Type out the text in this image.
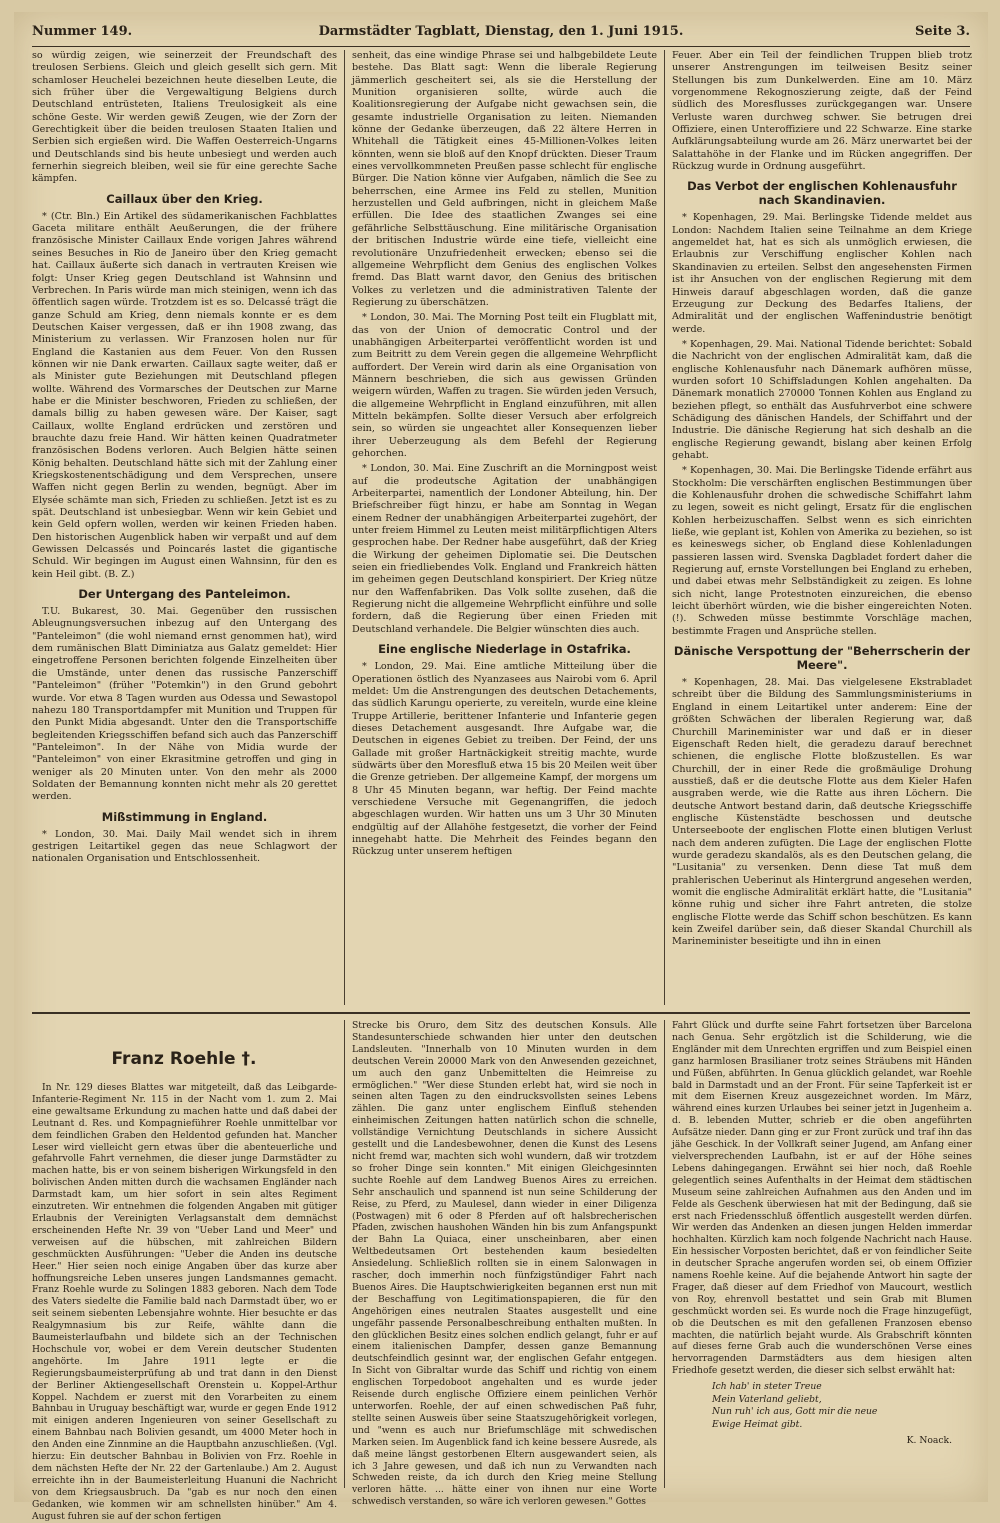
Nummer 149.	Darmstädter Tagblatt, Dienstag, den 1. Juni 1915.	Seite 3.

so würdig zeigen, wie seinerzeit der Freundschaft des treulosen Serbiens. Gleich und gleich gesellt sich gern. Mit schamloser Heuchelei bezeichnen heute dieselben Leute, die sich früher über die Vergewaltigung Belgiens durch Deutschland entrüsteten, Italiens Treulosigkeit als eine schöne Geste. Wir werden gewiß Zeugen, wie der Zorn der Gerechtigkeit über die beiden treulosen Staaten Italien und Serbien sich ergießen wird. Die Waffen Oesterreich-Ungarns und Deutschlands sind bis heute unbesiegt und werden auch fernerhin siegreich bleiben, weil sie für eine gerechte Sache kämpfen.

Caillaux über den Krieg.

* (Ctr. Bln.) Ein Artikel des südamerikanischen Fachblattes Gaceta militare enthält Aeußerungen, die der frühere französische Minister Caillaux Ende vorigen Jahres während seines Besuches in Rio de Janeiro über den Krieg gemacht hat. Caillaux äußerte sich danach in vertrauten Kreisen wie folgt: Unser Krieg gegen Deutschland ist Wahnsinn und Verbrechen. In Paris würde man mich steinigen, wenn ich das öffentlich sagen würde. Trotzdem ist es so. Delcassé trägt die ganze Schuld am Krieg, denn niemals konnte er es dem Deutschen Kaiser vergessen, daß er ihn 1908 zwang, das Ministerium zu verlassen. Wir Franzosen holen nur für England die Kastanien aus dem Feuer. Von den Russen können wir nie Dank erwarten. Caillaux sagte weiter, daß er als Minister gute Beziehungen mit Deutschland pflegen wollte. Während des Vormarsches der Deutschen zur Marne habe er die Minister beschworen, Frieden zu schließen, der damals billig zu haben gewesen wäre. Der Kaiser, sagt Caillaux, wollte England erdrücken und zerstören und brauchte dazu freie Hand. Wir hätten keinen Quadratmeter französischen Bodens verloren. Auch Belgien hätte seinen König behalten. Deutschland hätte sich mit der Zahlung einer Kriegskostenentschädigung und dem Versprechen, unsere Waffen nicht gegen Berlin zu wenden, begnügt. Aber im Elysée schämte man sich, Frieden zu schließen. Jetzt ist es zu spät. Deutschland ist unbesiegbar. Wenn wir kein Gebiet und kein Geld opfern wollen, werden wir keinen Frieden haben. Den historischen Augenblick haben wir verpaßt und auf dem Gewissen Delcassés und Poincarés lastet die gigantische Schuld. Wir begingen im August einen Wahnsinn, für den es kein Heil gibt. (B. Z.)

Der Untergang des Panteleimon.

T.U. Bukarest, 30. Mai. Gegenüber den russischen Ableugnungsversuchen inbezug auf den Untergang des "Panteleimon" (die wohl niemand ernst genommen hat), wird dem rumänischen Blatt Diminiatza aus Galatz gemeldet: Hier eingetroffene Personen berichten folgende Einzelheiten über die Umstände, unter denen das russische Panzerschiff "Panteleimon" (früher "Potemkin") in den Grund gebohrt wurde. Vor etwa 8 Tagen wurden aus Odessa und Sewastopol nahezu 180 Transportdampfer mit Munition und Truppen für den Punkt Midia abgesandt. Unter den die Transportschiffe begleitenden Kriegsschiffen befand sich auch das Panzerschiff "Panteleimon". In der Nähe von Midia wurde der "Panteleimon" von einer Ekrasitmine getroffen und ging in weniger als 20 Minuten unter. Von den mehr als 2000 Soldaten der Bemannung konnten nicht mehr als 20 gerettet werden.

Mißstimmung in England.

* London, 30. Mai. Daily Mail wendet sich in ihrem gestrigen Leitartikel gegen das neue Schlagwort der nationalen Organisation und Entschlossenheit.

senheit, das eine windige Phrase sei und halbgebildete Leute bestehe. Das Blatt sagt: Wenn die liberale Regierung jämmerlich gescheitert sei, als sie die Herstellung der Munition organisieren sollte, würde auch die Koalitionsregierung der Aufgabe nicht gewachsen sein, die gesamte industrielle Organisation zu leiten. Niemanden könne der Gedanke überzeugen, daß 22 ältere Herren in Whitehall die Tätigkeit eines 45-Millionen-Volkes leiten könnten, wenn sie bloß auf den Knopf drückten. Dieser Traum eines vervollkommneten Preußen passe schlecht für englische Bürger. Die Nation könne vier Aufgaben, nämlich die See zu beherrschen, eine Armee ins Feld zu stellen, Munition herzustellen und Geld aufbringen, nicht in gleichem Maße erfüllen. Die Idee des staatlichen Zwanges sei eine gefährliche Selbsttäuschung. Eine militärische Organisation der britischen Industrie würde eine tiefe, vielleicht eine revolutionäre Unzufriedenheit erwecken; ebenso sei die allgemeine Wehrpflicht dem Genius des englischen Volkes fremd. Das Blatt warnt davor, den Genius des britischen Volkes zu verletzen und die administrativen Talente der Regierung zu überschätzen.

* London, 30. Mai. The Morning Post teilt ein Flugblatt mit, das von der Union of democratic Control und der unabhängigen Arbeiterpartei veröffentlicht worden ist und zum Beitritt zu dem Verein gegen die allgemeine Wehrpflicht auffordert. Der Verein wird darin als eine Organisation von Männern beschrieben, die sich aus gewissen Gründen weigern würden, Waffen zu tragen. Sie würden jeden Versuch, die allgemeine Wehrpflicht in England einzuführen, mit allen Mitteln bekämpfen. Sollte dieser Versuch aber erfolgreich sein, so würden sie ungeachtet aller Konsequenzen lieber ihrer Ueberzeugung als dem Befehl der Regierung gehorchen.

* London, 30. Mai. Eine Zuschrift an die Morningpost weist auf die prodeutsche Agitation der unabhängigen Arbeiterpartei, namentlich der Londoner Abteilung, hin. Der Briefschreiber fügt hinzu, er habe am Sonntag in Wegan einem Redner der unabhängigen Arbeiterpartei zugehört, der unter freiem Himmel zu Leuten meist militärpflichtigen Alters gesprochen habe. Der Redner habe ausgeführt, daß der Krieg die Wirkung der geheimen Diplomatie sei. Die Deutschen seien ein friedliebendes Volk. England und Frankreich hätten im geheimen gegen Deutschland konspiriert. Der Krieg nütze nur den Waffenfabriken. Das Volk sollte zusehen, daß die Regierung nicht die allgemeine Wehrpflicht einführe und solle fordern, daß die Regierung über einen Frieden mit Deutschland verhandele. Die Belgier wünschten dies auch.

Eine englische Niederlage in Ostafrika.

* London, 29. Mai. Eine amtliche Mitteilung über die Operationen östlich des Nyanzasees aus Nairobi vom 6. April meldet: Um die Anstrengungen des deutschen Detachements, das südlich Karungu operierte, zu vereiteln, wurde eine kleine Truppe Artillerie, berittener Infanterie und Infanterie gegen dieses Detachement ausgesandt. Ihre Aufgabe war, die Deutschen in eigenes Gebiet zu treiben. Der Feind, der uns Gallade mit großer Hartnäckigkeit streitig machte, wurde südwärts über den Moresfluß etwa 15 bis 20 Meilen weit über die Grenze getrieben. Der allgemeine Kampf, der morgens um 8 Uhr 45 Minuten begann, war heftig. Der Feind machte verschiedene Versuche mit Gegenangriffen, die jedoch abgeschlagen wurden. Wir hatten uns um 3 Uhr 30 Minuten endgültig auf der Allahöhe festgesetzt, die vorher der Feind innegehabt hatte. Die Mehrheit des Feindes begann den Rückzug unter unserem heftigen

Feuer. Aber ein Teil der feindlichen Truppen blieb trotz unserer Anstrengungen im teilweisen Besitz seiner Stellungen bis zum Dunkelwerden. Eine am 10. März vorgenommene Rekognoszierung zeigte, daß der Feind südlich des Moresflusses zurückgegangen war. Unsere Verluste waren durchweg schwer. Sie betrugen drei Offiziere, einen Unteroffiziere und 22 Schwarze. Eine starke Aufklärungsabteilung wurde am 26. März unerwartet bei der Salattahöhe in der Flanke und im Rücken angegriffen. Der Rückzug wurde in Ordnung ausgeführt.

Das Verbot der englischen Kohlenausfuhr nach Skandinavien.

* Kopenhagen, 29. Mai. Berlingske Tidende meldet aus London: Nachdem Italien seine Teilnahme an dem Kriege angemeldet hat, hat es sich als unmöglich erwiesen, die Erlaubnis zur Verschiffung englischer Kohlen nach Skandinavien zu erteilen. Selbst den angesehensten Firmen ist ihr Ansuchen von der englischen Regierung mit dem Hinweis darauf abgeschlagen worden, daß die ganze Erzeugung zur Deckung des Bedarfes Italiens, der Admiralität und der englischen Waffenindustrie benötigt werde.

* Kopenhagen, 29. Mai. National Tidende berichtet: Sobald die Nachricht von der englischen Admiralität kam, daß die englische Kohlenausfuhr nach Dänemark aufhören müsse, wurden sofort 10 Schiffsladungen Kohlen angehalten. Da Dänemark monatlich 270000 Tonnen Kohlen aus England zu beziehen pflegt, so enthält das Ausfuhrverbot eine schwere Schädigung des dänischen Handels, der Schiffahrt und der Industrie. Die dänische Regierung hat sich deshalb an die englische Regierung gewandt, bislang aber keinen Erfolg gehabt.

* Kopenhagen, 30. Mai. Die Berlingske Tidende erfährt aus Stockholm: Die verschärften englischen Bestimmungen über die Kohlenausfuhr drohen die schwedische Schiffahrt lahm zu legen, soweit es nicht gelingt, Ersatz für die englischen Kohlen herbeizuschaffen. Selbst wenn es sich einrichten ließe, wie geplant ist, Kohlen von Amerika zu beziehen, so ist es keineswegs sicher, ob England diese Kohlenladungen passieren lassen wird. Svenska Dagbladet fordert daher die Regierung auf, ernste Vorstellungen bei England zu erheben, und dabei etwas mehr Selbständigkeit zu zeigen. Es lohne sich nicht, lange Protestnoten einzureichen, die ebenso leicht überhört würden, wie die bisher eingereichten Noten. (!). Schweden müsse bestimmte Vorschläge machen, bestimmte Fragen und Ansprüche stellen.

Dänische Verspottung der "Beherrscherin der Meere".

* Kopenhagen, 28. Mai. Das vielgelesene Ekstrabladet schreibt über die Bildung des Sammlungsministeriums in England in einem Leitartikel unter anderem: Eine der größten Schwächen der liberalen Regierung war, daß Churchill Marineminister war und daß er in dieser Eigenschaft Reden hielt, die geradezu darauf berechnet schienen, die englische Flotte bloßzustellen. Es war Churchill, der in einer Rede die großmäulige Drohung ausstieß, daß er die deutsche Flotte aus dem Kieler Hafen ausgraben werde, wie die Ratte aus ihren Löchern. Die deutsche Antwort bestand darin, daß deutsche Kriegsschiffe englische Küstenstädte beschossen und deutsche Unterseeboote der englischen Flotte einen blutigen Verlust nach dem anderen zufügten. Die Lage der englischen Flotte wurde geradezu skandalös, als es den Deutschen gelang, die "Lusitania" zu versenken. Denn diese Tat muß dem prahlerischen Ueberinut als Hintergrund angesehen werden, womit die englische Admiralität erklärt hatte, die "Lusitania" könne ruhig und sicher ihre Fahrt antreten, die stolze englische Flotte werde das Schiff schon beschützen. Es kann kein Zweifel darüber sein, daß dieser Skandal Churchill als Marineminister beseitigte und ihn in einen

Franz Roehle †.

In Nr. 129 dieses Blattes war mitgeteilt, daß das Leibgarde-Infanterie-Regiment Nr. 115 in der Nacht vom 1. zum 2. Mai eine gewaltsame Erkundung zu machen hatte und daß dabei der Leutnant d. Res. und Kompagnieführer Roehle unmittelbar vor dem feindlichen Graben den Heldentod gefunden hat. Mancher Leser wird vielleicht gern etwas über die abenteuerliche und gefahrvolle Fahrt vernehmen, die dieser junge Darmstädter zu machen hatte, bis er von seinem bisherigen Wirkungsfeld in den bolivischen Anden mitten durch die wachsamen Engländer nach Darmstadt kam, um hier sofort in sein altes Regiment einzutreten. Wir entnehmen die folgenden Angaben mit gütiger Erlaubnis der Vereinigten Verlagsanstalt dem demnächst erscheinenden Hefte Nr. 39 von "Ueber Land und Meer" und verweisen auf die hübschen, mit zahlreichen Bildern geschmückten Ausführungen: "Ueber die Anden ins deutsche Heer." Hier seien noch einige Angaben über das kurze aber hoffnungsreiche Leben unseres jungen Landsmannes gemacht. Franz Roehle wurde zu Solingen 1883 geboren. Nach dem Tode des Vaters siedelte die Familie bald nach Darmstadt über, wo er seit seinem siebenten Lebensjahre wohnte. Hier besuchte er das Realgymnasium bis zur Reife, wählte dann die Baumeisterlaufbahn und bildete sich an der Technischen Hochschule vor, wobei er dem Verein deutscher Studenten angehörte. Im Jahre 1911 legte er die Regierungsbaumeisterprüfung ab und trat dann in den Dienst der Berliner Aktiengesellschaft Orenstein u. Koppel-Arthur Koppel. Nachdem er zuerst mit den Vorarbeiten zu einem Bahnbau in Uruguay beschäftigt war, wurde er gegen Ende 1912 mit einigen anderen Ingenieuren von seiner Gesellschaft zu einem Bahnbau nach Bolivien gesandt, um 4000 Meter hoch in den Anden eine Zinnmine an die Hauptbahn anzuschließen. (Vgl. hierzu: Ein deutscher Bahnbau in Bolivien von Frz. Roehle in dem nächsten Hefte der Nr. 22 der Gartenlaube.) Am 2. August erreichte ihn in der Baumeisterleitung Huanuni die Nachricht von dem Kriegsausbruch. Da "gab es nur noch den einen Gedanken, wie kommen wir am schnellsten hinüber." Am 4. August fuhren sie auf der schon fertigen

Strecke bis Oruro, dem Sitz des deutschen Konsuls. Alle Standesunterschiede schwanden hier unter den deutschen Landsleuten. "Innerhalb von 10 Minuten wurden in dem deutschen Verein 20000 Mark von den Anwesenden gezeichnet, um auch den ganz Unbemittelten die Heimreise zu ermöglichen." "Wer diese Stunden erlebt hat, wird sie noch in seinen alten Tagen zu den eindrucksvollsten seines Lebens zählen. Die ganz unter englischem Einfluß stehenden einheimischen Zeitungen hatten natürlich schon die schnelle, vollständige Vernichtung Deutschlands in sichere Aussicht gestellt und die Landesbewohner, denen die Kunst des Lesens nicht fremd war, machten sich wohl wundern, daß wir trotzdem so froher Dinge sein konnten." Mit einigen Gleichgesinnten suchte Roehle auf dem Landweg Buenos Aires zu erreichen. Sehr anschaulich und spannend ist nun seine Schilderung der Reise, zu Pferd, zu Maulesel, dann wieder in einer Diligenza (Postwagen) mit 6 oder 8 Pferden auf oft halsbrecherischen Pfaden, zwischen haushohen Wänden hin bis zum Anfangspunkt der Bahn La Quiaca, einer unscheinbaren, aber einen Weltbedeutsamen Ort bestehenden kaum besiedelten Ansiedelung. Schließlich rollten sie in einem Salonwagen in rascher, doch immerhin noch fünfzigstündiger Fahrt nach Buenos Aires. Die Hauptschwierigkeiten begannen erst nun mit der Beschaffung von Legitimationspapieren, die für den Angehörigen eines neutralen Staates ausgestellt und eine ungefähr passende Personalbeschreibung enthalten mußten. In den glücklichen Besitz eines solchen endlich gelangt, fuhr er auf einem italienischen Dampfer, dessen ganze Bemannung deutschfeindlich gesinnt war, der englischen Gefahr entgegen. In Sicht von Gibraltar wurde das Schiff und richtig von einem englischen Torpedoboot angehalten und es wurde jeder Reisende durch englische Offiziere einem peinlichen Verhör unterworfen. Roehle, der auf einen schwedischen Paß fuhr, stellte seinen Ausweis über seine Staatszugehörigkeit vorlegen, und "wenn es auch nur Briefumschläge mit schwedischen Marken seien. Im Augenblick fand ich keine bessere Ausrede, als daß meine längst gestorbenen Eltern ausgewandert seien, als ich 3 Jahre gewesen, und daß ich nun zu Verwandten nach Schweden reiste, da ich durch den Krieg meine Stellung verloren hätte. ... hätte einer von ihnen nur eine Worte schwedisch verstanden, so wäre ich verloren gewesen." Gottes

Fahrt Glück und durfte seine Fahrt fortsetzen über Barcelona nach Genua. Sehr ergötzlich ist die Schilderung, wie die Engländer mit dem Unrechten ergriffen und zum Beispiel einen ganz harmlosen Brasilianer trotz seines Sträubens mit Händen und Füßen, abführten. In Genua glücklich gelandet, war Roehle bald in Darmstadt und an der Front. Für seine Tapferkeit ist er mit dem Eisernen Kreuz ausgezeichnet worden. Im März, während eines kurzen Urlaubes bei seiner jetzt in Jugenheim a. d. B. lebenden Mutter, schrieb er die oben angeführten Aufsätze nieder. Dann ging er zur Front zurück und traf ihn das jähe Geschick. In der Vollkraft seiner Jugend, am Anfang einer vielversprechenden Laufbahn, ist er auf der Höhe seines Lebens dahingegangen. Erwähnt sei hier noch, daß Roehle gelegentlich seines Aufenthalts in der Heimat dem städtischen Museum seine zahlreichen Aufnahmen aus den Anden und im Felde als Geschenk überwiesen hat mit der Bedingung, daß sie erst nach Friedensschluß öffentlich ausgestellt werden dürfen. Wir werden das Andenken an diesen jungen Helden immerdar hochhalten. Kürzlich kam noch folgende Nachricht nach Hause. Ein hessischer Vorposten berichtet, daß er von feindlicher Seite in deutscher Sprache angerufen worden sei, ob einem Offizier namens Roehle keine. Auf die bejahende Antwort hin sagte der Frager, daß dieser auf dem Friedhof von Maucourt, westlich von Roy, ehrenvoll bestattet und sein Grab mit Blumen geschmückt worden sei. Es wurde noch die Frage hinzugefügt, ob die Deutschen es mit den gefallenen Franzosen ebenso machten, die natürlich bejaht wurde. Als Grabschrift könnten auf dieses ferne Grab auch die wunderschönen Verse eines hervorragenden Darmstädters aus dem hiesigen alten Friedhofe gesetzt werden, die dieser sich selbst erwählt hat:

Ich hab' in steter Treue
Mein Vaterland geliebt,
Nun ruh' ich aus, Gott mir die neue
Ewige Heimat gibt.
K. Noack.
